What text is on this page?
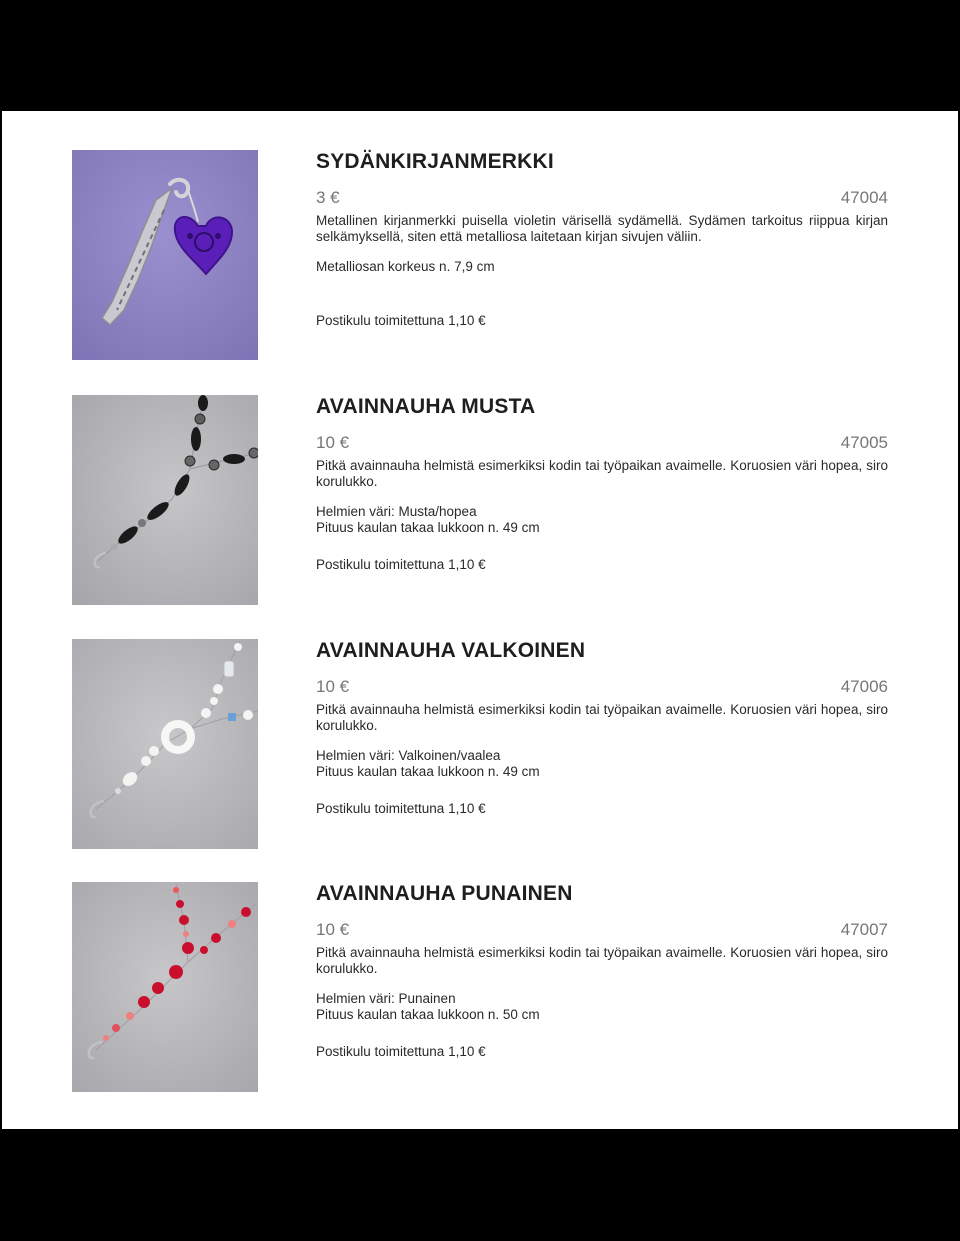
SYDÄNKIRJANMERKKI
3 €	47004
Metallinen kirjanmerkki puisella violetin värisellä sydämellä. Sydämen tarkoitus riippua kirjan selkämyksellä, siten että metalliosa laitetaan kirjan sivujen väliin.
Metalliosan korkeus n. 7,9 cm
Postikulu toimitettuna 1,10 €
AVAINNAUHA MUSTA
10 €	47005
Pitkä avainnauha helmistä esimerkiksi kodin tai työpaikan avaimelle. Koruosien väri hopea, siro korulukko.
Helmien väri: Musta/hopea
Pituus kaulan takaa lukkoon n. 49 cm
Postikulu toimitettuna 1,10 €
AVAINNAUHA VALKOINEN
10 €	47006
Pitkä avainnauha helmistä esimerkiksi kodin tai työpaikan avaimelle. Koruosien väri hopea, siro korulukko.
Helmien väri: Valkoinen/vaalea
Pituus kaulan takaa lukkoon n. 49 cm
Postikulu toimitettuna 1,10 €
AVAINNAUHA PUNAINEN
10 €	47007
Pitkä avainnauha helmistä esimerkiksi kodin tai työpaikan avaimelle. Koruosien väri hopea, siro korulukko.
Helmien väri: Punainen
Pituus kaulan takaa lukkoon n. 50 cm
Postikulu toimitettuna 1,10 €
